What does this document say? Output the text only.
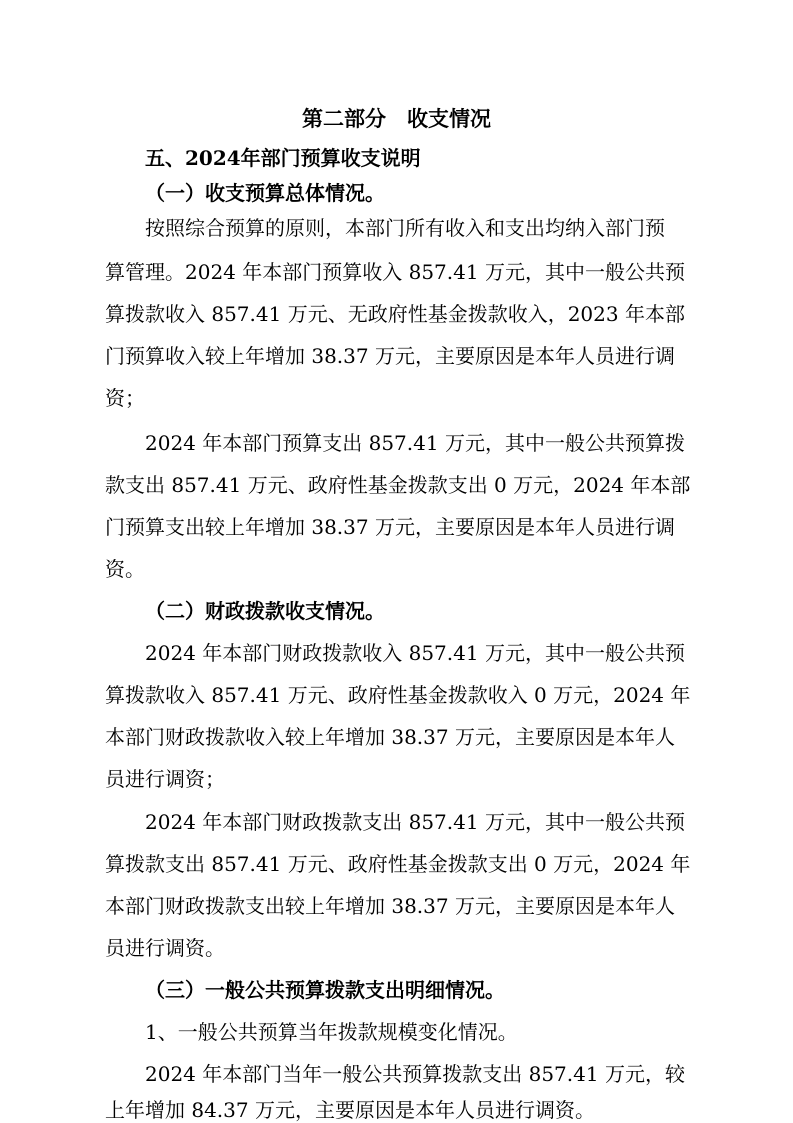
第二部分　收支情况
五、2024年部门预算收支说明
（一）收支预算总体情况。
按照综合预算的原则，本部门所有收入和支出均纳入部门预
算管理。2024 年本部门预算收入 857.41 万元，其中一般公共预
算拨款收入 857.41 万元、无政府性基金拨款收入，2023 年本部
门预算收入较上年增加 38.37 万元，主要原因是本年人员进行调
资；
2024 年本部门预算支出 857.41 万元，其中一般公共预算拨
款支出 857.41 万元、政府性基金拨款支出 0 万元，2024 年本部
门预算支出较上年增加 38.37 万元，主要原因是本年人员进行调
资。
（二）财政拨款收支情况。
2024 年本部门财政拨款收入 857.41 万元，其中一般公共预
算拨款收入 857.41 万元、政府性基金拨款收入 0 万元，2024 年
本部门财政拨款收入较上年增加 38.37 万元，主要原因是本年人
员进行调资；
2024 年本部门财政拨款支出 857.41 万元，其中一般公共预
算拨款支出 857.41 万元、政府性基金拨款支出 0 万元，2024 年
本部门财政拨款支出较上年增加 38.37 万元，主要原因是本年人
员进行调资。
（三）一般公共预算拨款支出明细情况。
1、一般公共预算当年拨款规模变化情况。
2024 年本部门当年一般公共预算拨款支出 857.41 万元，较
上年增加 84.37 万元，主要原因是本年人员进行调资。
